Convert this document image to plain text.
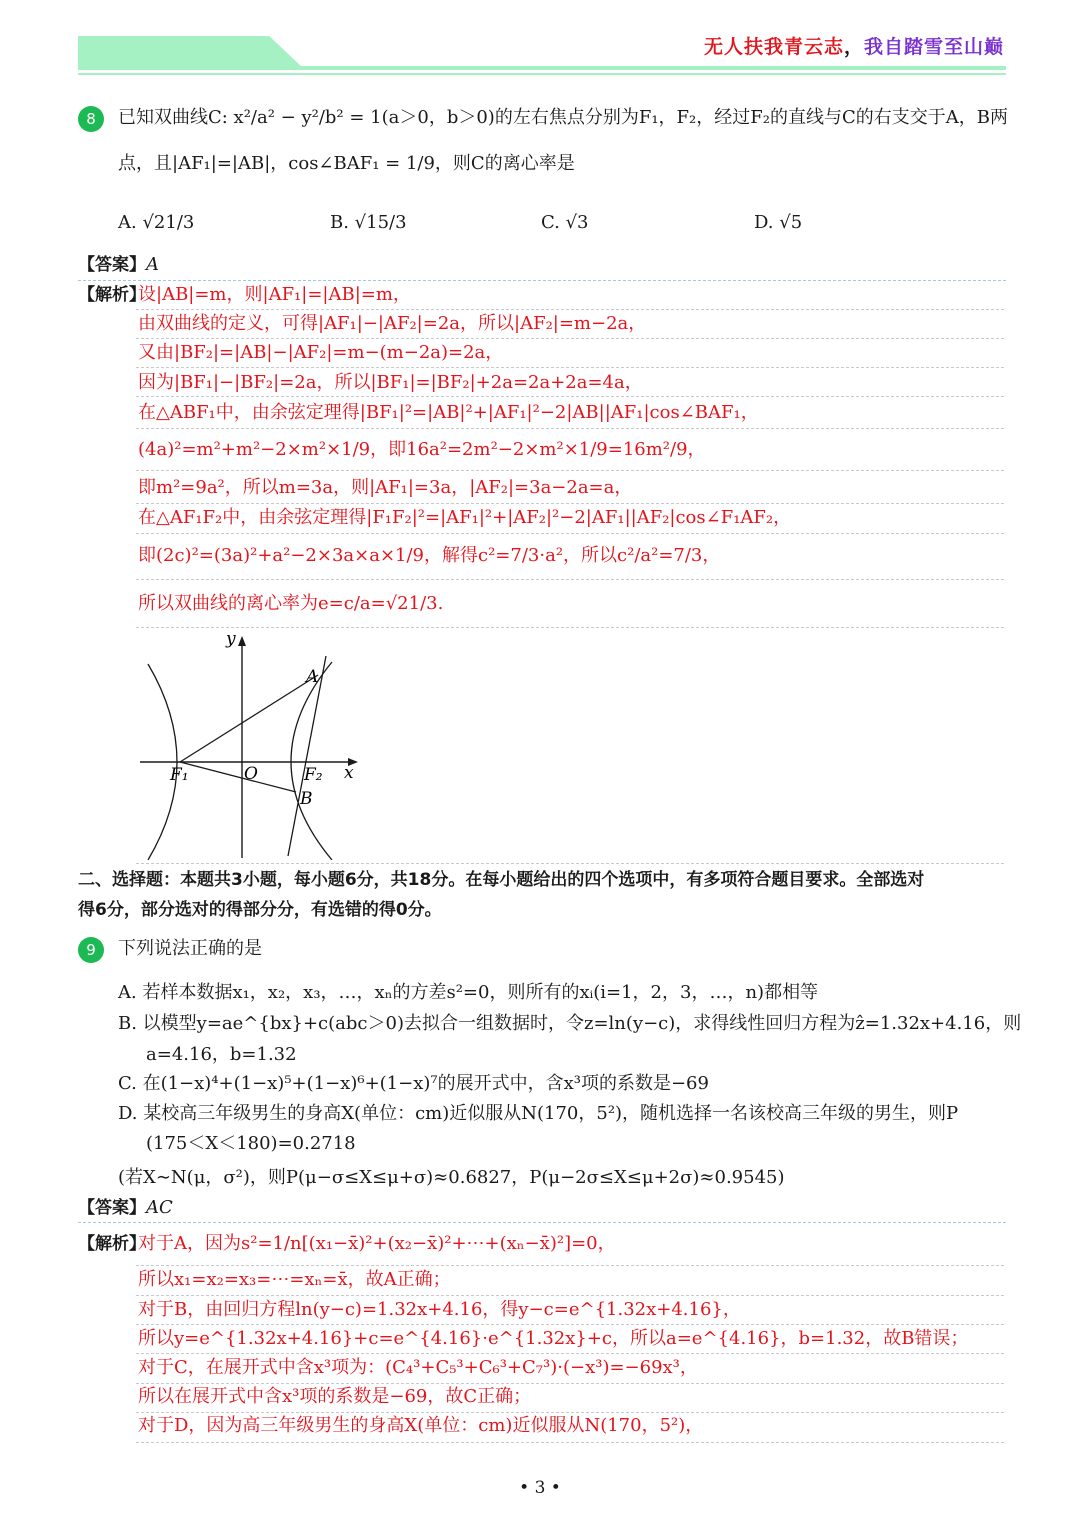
无人扶我青云志，我自踏雪至山巅
8	已知双曲线C: x²/a² − y²/b² = 1(a＞0，b＞0)的左右焦点分别为F₁，F₂，经过F₂的直线与C的右支交于A，B两
点，且|AF₁|=|AB|，cos∠BAF₁ = 1/9，则C的离心率是
A. √21/3	B. √15/3	C. √3	D. √5
【答案】A
【解析】
设|AB|=m，则|AF₁|=|AB|=m，
由双曲线的定义，可得|AF₁|−|AF₂|=2a，所以|AF₂|=m−2a，
又由|BF₂|=|AB|−|AF₂|=m−(m−2a)=2a，
因为|BF₁|−|BF₂|=2a，所以|BF₁|=|BF₂|+2a=2a+2a=4a，
在△ABF₁中，由余弦定理得|BF₁|²=|AB|²+|AF₁|²−2|AB||AF₁|cos∠BAF₁，
(4a)²=m²+m²−2×m²×1/9，即16a²=2m²−2×m²×1/9=16m²/9，
即m²=9a²，所以m=3a，则|AF₁|=3a，|AF₂|=3a−2a=a，
在△AF₁F₂中，由余弦定理得|F₁F₂|²=|AF₁|²+|AF₂|²−2|AF₁||AF₂|cos∠F₁AF₂，
即(2c)²=(3a)²+a²−2×3a×a×1/9，解得c²=7/3·a²，所以c²/a²=7/3，
所以双曲线的离心率为e=c/a=√21/3.
y
x
A
B
O
F₁	F₂
二、选择题：本题共3小题，每小题6分，共18分。在每小题给出的四个选项中，有多项符合题目要求。全部选对
得6分，部分选对的得部分分，有选错的得0分。
9	下列说法正确的是
A. 若样本数据x₁，x₂，x₃，…，xₙ的方差s²=0，则所有的xᵢ(i=1，2，3，…，n)都相等
B. 以模型y=ae^{bx}+c(abc＞0)去拟合一组数据时，令z=ln(y−c)，求得线性回归方程为ẑ=1.32x+4.16，则
a=4.16，b=1.32
C. 在(1−x)⁴+(1−x)⁵+(1−x)⁶+(1−x)⁷的展开式中，含x³项的系数是−69
D. 某校高三年级男生的身高X(单位：cm)近似服从N(170，5²)，随机选择一名该校高三年级的男生，则P
(175＜X＜180)=0.2718
(若X∼N(μ，σ²)，则P(μ−σ≤X≤μ+σ)≈0.6827，P(μ−2σ≤X≤μ+2σ)≈0.9545)
【答案】AC
【解析】
对于A，因为s²=1/n[(x₁−x̄)²+(x₂−x̄)²+⋯+(xₙ−x̄)²]=0，
所以x₁=x₂=x₃=⋯=xₙ=x̄，故A正确；
对于B，由回归方程ln(y−c)=1.32x+4.16，得y−c=e^{1.32x+4.16}，
所以y=e^{1.32x+4.16}+c=e^{4.16}·e^{1.32x}+c，所以a=e^{4.16}，b=1.32，故B错误；
对于C，在展开式中含x³项为：(C₄³+C₅³+C₆³+C₇³)·(−x³)=−69x³，
所以在展开式中含x³项的系数是−69，故C正确；
对于D，因为高三年级男生的身高X(单位：cm)近似服从N(170，5²)，
• 3 •
